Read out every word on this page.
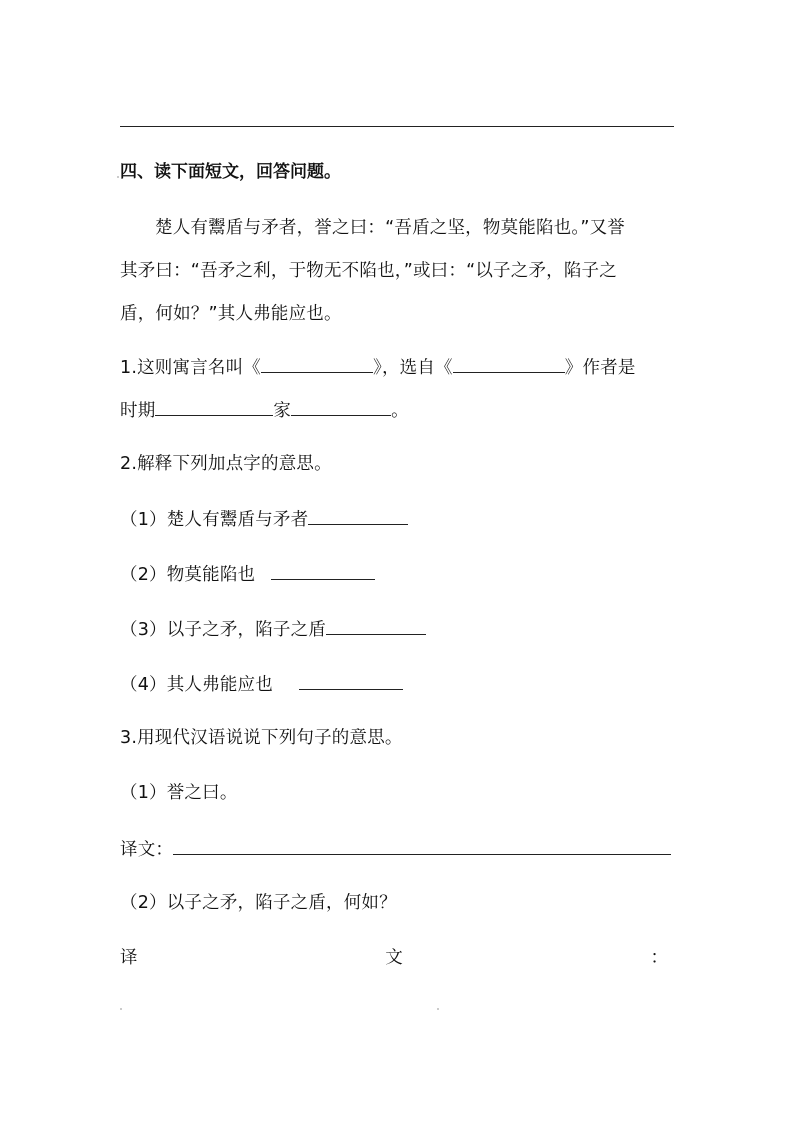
四、读下面短文，回答问题。
楚人有鬻盾与矛者，誉之曰：“吾盾之坚，物莫能陷也。”又誉
其矛曰：“吾矛之利，于物无不陷也，”或曰：“以子之矛，陷子之
盾，何如？”其人弗能应也。
1.这则寓言名叫《	》，选自《	》作者是
时期	家	。
2.解释下列加点字的意思。
（1）楚人有鬻盾与矛者
（2）物莫能陷也
（3）以子之矛，陷子之盾
（4）其人弗能应也
3.用现代汉语说说下列句子的意思。
（1）誉之曰。
译文：
（2）以子之矛，陷子之盾，何如？
译	文	：
